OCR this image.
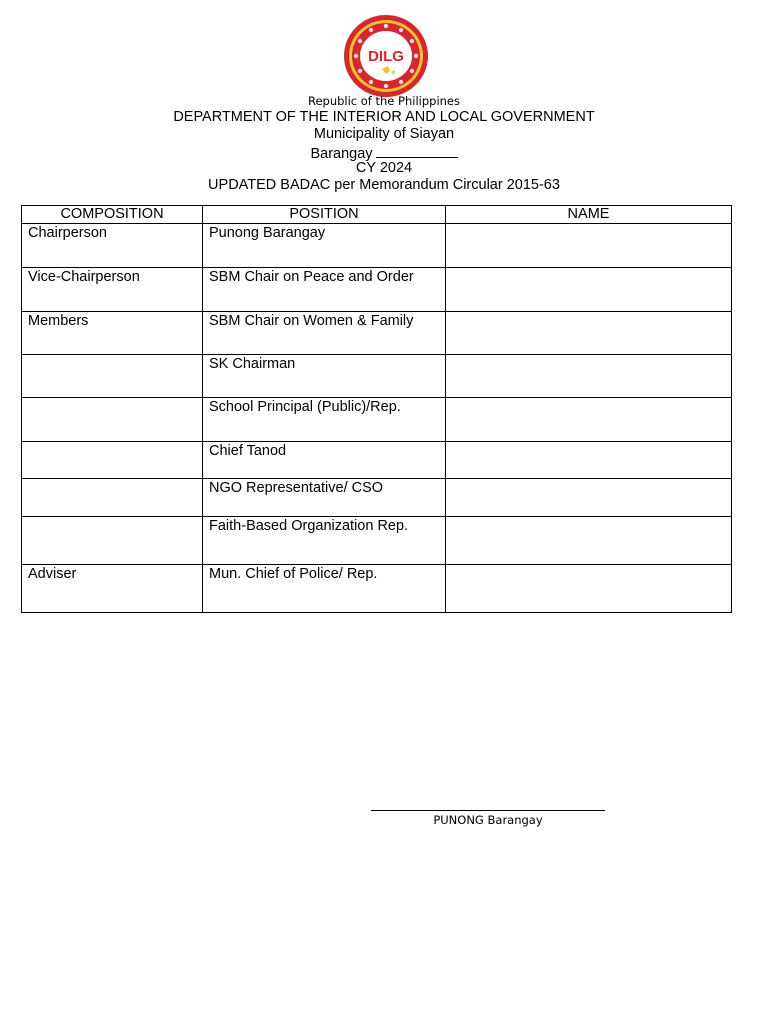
DILG
Republic of the Philippines
DEPARTMENT OF THE INTERIOR AND LOCAL GOVERNMENT
Municipality of Siayan
Barangay
CY 2024
UPDATED BADAC per Memorandum Circular 2015-63
COMPOSITION	POSITION	NAME
Chairperson	Punong Barangay	
Vice-Chairperson	SBM Chair on Peace and Order	
Members	SBM Chair on Women & Family	
	SK Chairman	
	School Principal (Public)/Rep.	
	Chief Tanod	
	NGO Representative/ CSO	
	Faith-Based Organization Rep.	
Adviser	Mun. Chief of Police/ Rep.	
PUNONG Barangay
